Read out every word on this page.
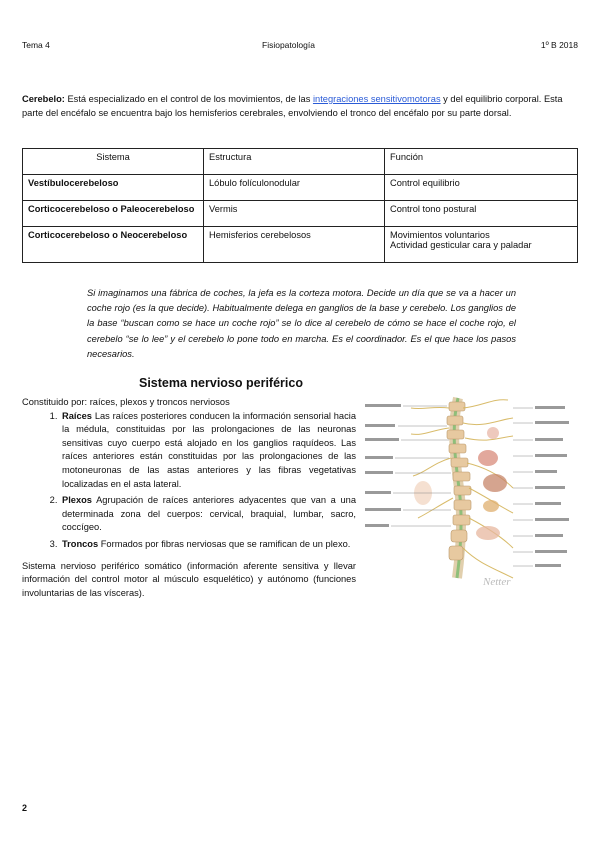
Tema 4	Fisiopatología	1º B 2018
Cerebelo: Está especializado en el control de los movimientos, de las integraciones sensitivomotoras y del equilibrio corporal. Esta parte del encéfalo se encuentra bajo los hemisferios cerebrales, envolviendo el tronco del encéfalo por su parte dorsal.
Sistema	Estructura	Función
Vestíbulocerebeloso	Lóbulo folículonodular	Control equilibrio
Corticocerebeloso o Paleocerebeloso	Vermis	Control tono postural
Corticocerebeloso o Neocerebeloso	Hemisferios cerebelosos	Movimientos voluntarios
Actividad gesticular cara y paladar
Si imaginamos una fábrica de coches, la jefa es la corteza motora. Decide un día que se va a hacer un coche rojo (es la que decide). Habitualmente delega en ganglios de la base y cerebelo. Los ganglios de la base “buscan como se hace un coche rojo” se lo dice al cerebelo de cómo se hace el coche rojo, el cerebelo “se lo lee” y el cerebelo lo pone todo en marcha. Es el coordinador. Es el que hace los pasos necesarios.
Sistema nervioso periférico
Constituido por: raíces, plexos y troncos nerviosos
1. Raíces Las raíces posteriores conducen la información sensorial hacia la médula, constituidas por las prolongaciones de las neuronas sensitivas cuyo cuerpo está alojado en los ganglios raquídeos. Las raíces anteriores están constituidas por las prolongaciones de las motoneuronas de las astas anteriores y las fibras vegetativas localizadas en el asta lateral.
2. Plexos Agrupación de raíces anteriores adyacentes que van a una determinada zona del cuerpos: cervical, braquial, lumbar, sacro, coccígeo.
3. Troncos Formados por fibras nerviosas que se ramifican de un plexo.
Sistema nervioso periférico somático (información aferente sensitiva y llevar información del control motor al músculo esquelético) y autónomo (funciones involuntarias de las vísceras).
Netter
2
